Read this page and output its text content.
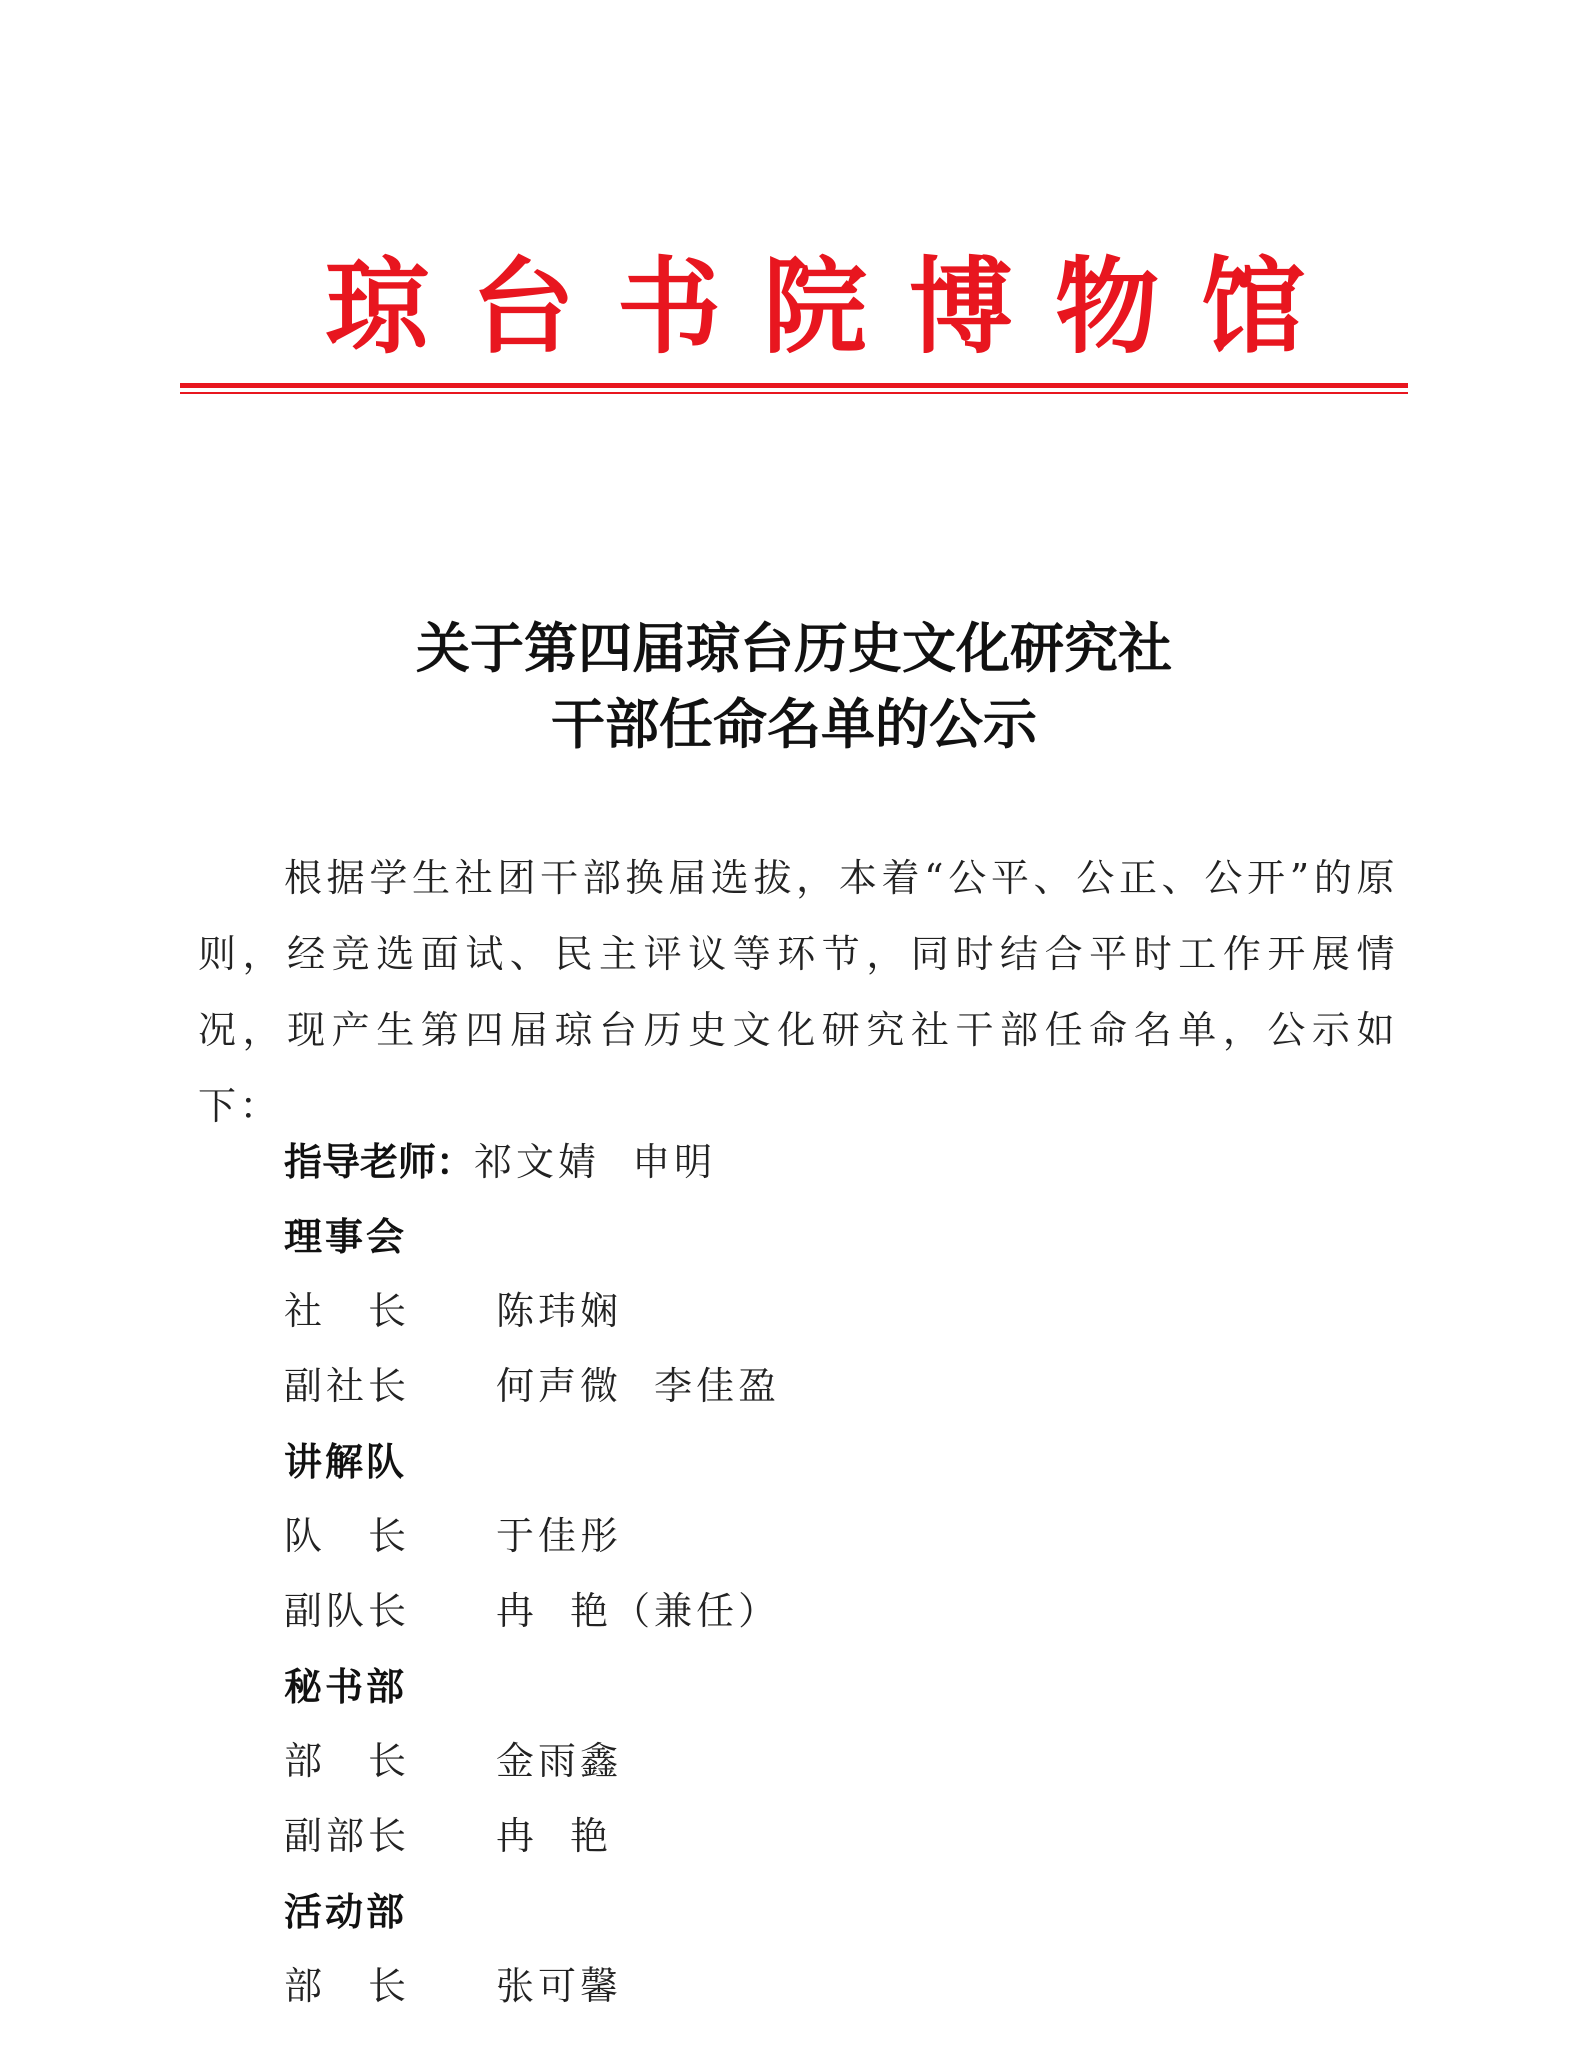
琼台书院博物馆
关于第四届琼台历史文化研究社
干部任命名单的公示

根据学生社团干部换届选拔，本着“公平、公正、公开”的原则，经竞选面试、民主评议等环节，同时结合平时工作开展情况，现产生第四届琼台历史文化研究社干部任命名单，公示如下：

指导老师：祁文婧  申明
理事会
社长 陈玮娴
副社长 何声微  李佳盈
讲解队
队长 于佳彤
副队长 冉  艳（兼任）
秘书部
部长 金雨鑫
副部长 冉  艳
活动部
部长 张可馨
